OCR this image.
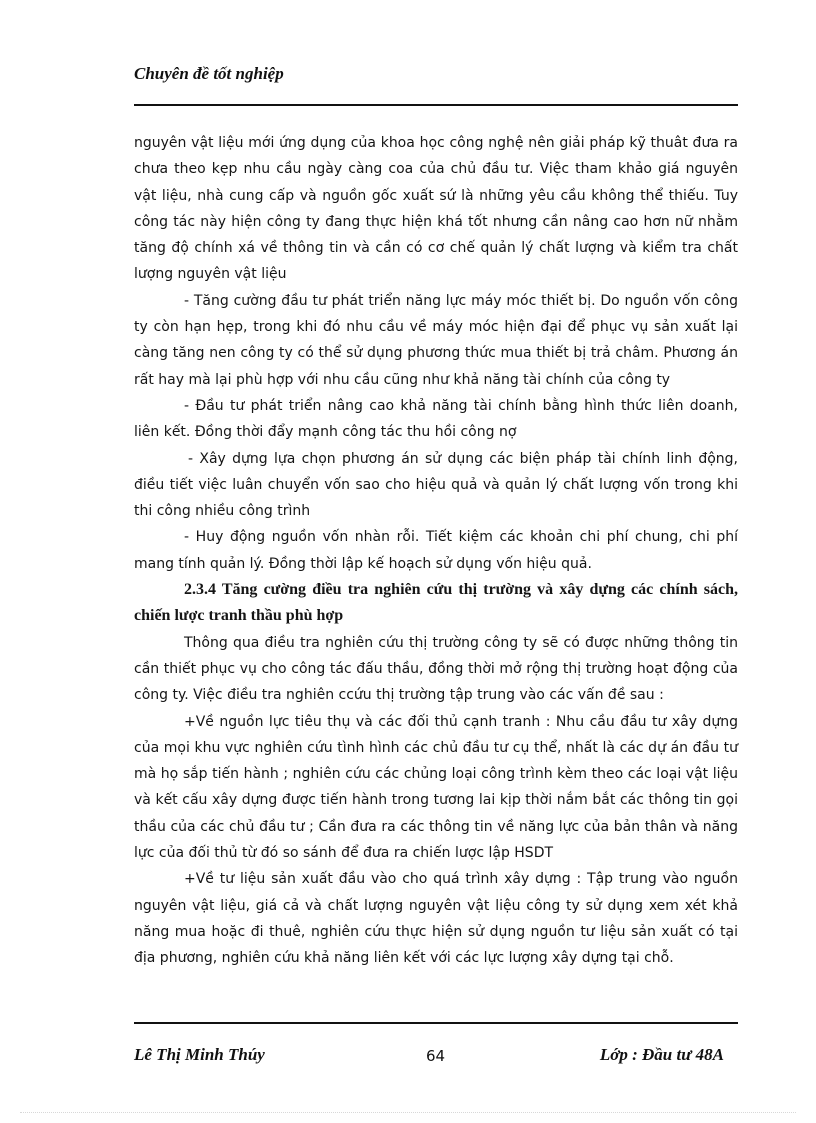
Chuyên đề tốt nghiệp

nguyên vật liệu mới ứng dụng của khoa học công nghệ nên giải pháp kỹ thuât đưa ra chưa theo kẹp nhu cầu ngày càng coa của chủ đầu tư. Việc tham khảo giá nguyên vật liệu, nhà cung cấp và nguồn gốc xuất sứ là những yêu cầu không thể thiếu. Tuy công tác này hiện công ty đang thực hiện khá tốt nhưng cần nâng cao hơn nữ nhằm tăng độ chính xá về thông tin và cần có cơ chế quản lý chất lượng và kiểm tra chất lượng nguyên vật liệu

- Tăng cường đầu tư phát triển năng lực máy móc thiết bị. Do nguồn vốn công ty còn hạn hẹp, trong khi đó nhu cầu về máy móc hiện đại để phục vụ sản xuất lại càng tăng nen công ty có thể sử dụng phương thức mua thiết bị trả châm. Phương án rất hay mà lại phù hợp với nhu cầu cũng như khả năng tài chính của công ty

- Đầu tư phát triển nâng cao khả năng tài chính bằng hình thức liên doanh, liên kết. Đồng thời đẩy mạnh công tác thu hồi công nợ

- Xây dựng lựa chọn phương án sử dụng các biện pháp tài chính linh động, điều tiết việc luân chuyển vốn sao cho hiệu quả và quản lý chất lượng vốn trong khi thi công nhiều công trình

- Huy động nguồn vốn nhàn rỗi. Tiết kiệm các khoản chi phí chung, chi phí mang tính quản lý. Đồng thời lập kế hoạch sử dụng vốn hiệu quả.

2.3.4 Tăng cường điều tra nghiên cứu thị trường và xây dựng các chính sách, chiến lược tranh thầu phù hợp

Thông qua điều tra nghiên cứu thị trường công ty sẽ có được những thông tin cần thiết phục vụ cho công tác đấu thầu, đồng thời mở rộng thị trường hoạt động của công ty. Việc điều tra nghiên ccứu thị trường tập trung vào các vấn đề sau :

+Về nguồn lực tiêu thụ và các đối thủ cạnh tranh : Nhu cầu đầu tư xây dựng của mọi khu vực nghiên cứu tình hình các chủ đầu tư cụ thể, nhất là các dự án đầu tư mà họ sắp tiến hành ; nghiên cứu các chủng loại công trình kèm theo các loại vật liệu và kết cấu xây dựng được tiến hành trong tương lai kịp thời nắm bắt các thông tin gọi thầu của các chủ đầu tư ; Cần đưa ra các thông tin về năng lực của bản thân và năng lực của đối thủ từ đó so sánh để đưa ra chiến lược lập HSDT

+Về tư liệu sản xuất đầu vào cho quá trình xây dựng : Tập trung vào nguồn nguyên vật liệu, giá cả và chất lượng nguyên vật liệu công ty sử dụng xem xét khả năng mua hoặc đi thuê, nghiên cứu thực hiện sử dụng nguồn tư liệu sản xuất có tại địa phương, nghiên cứu khả năng liên kết với các lực lượng xây dựng tại chỗ.

Lê Thị Minh Thúy	64	Lớp : Đầu tư 48A
